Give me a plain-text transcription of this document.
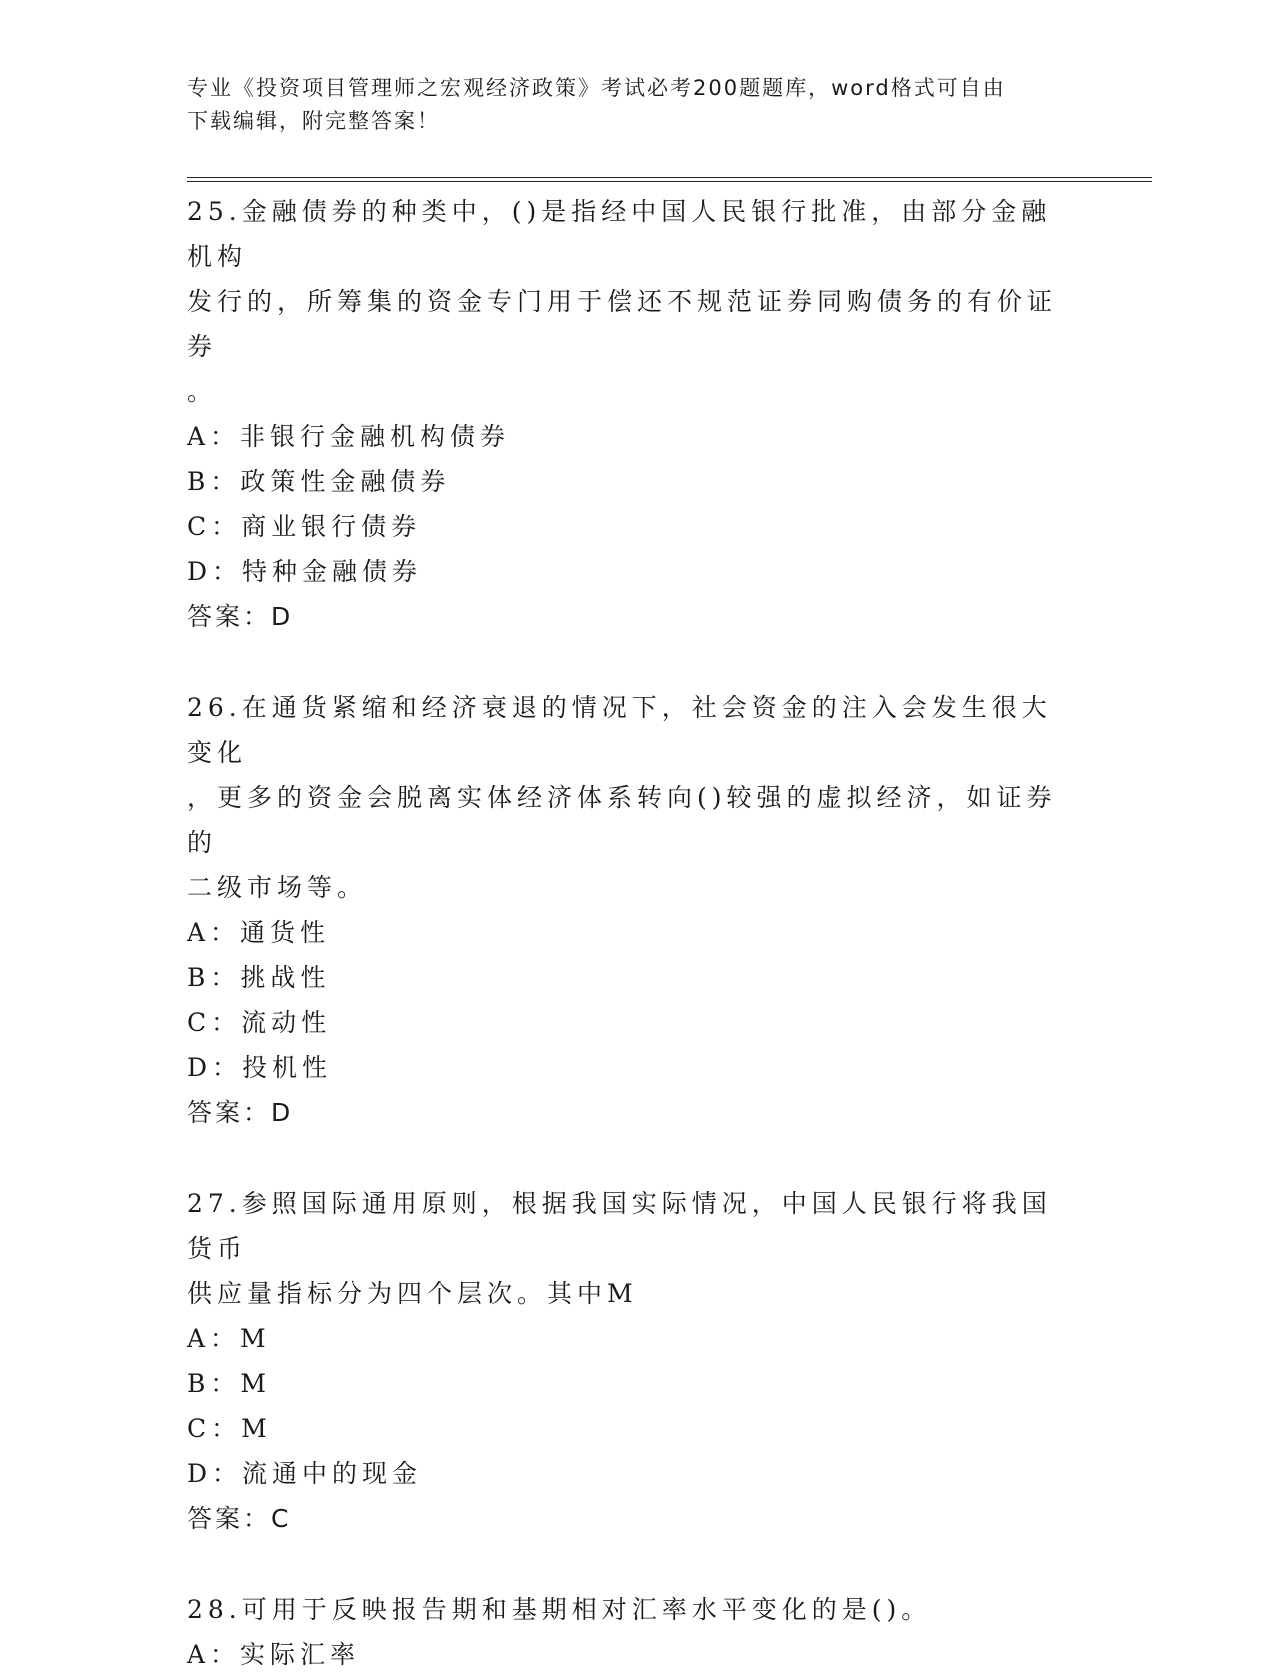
专业《投资项目管理师之宏观经济政策》考试必考200题题库，word格式可自由
下载编辑，附完整答案！

25.金融债券的种类中，()是指经中国人民银行批准，由部分金融机构

发行的，所筹集的资金专门用于偿还不规范证券同购债务的有价证券

。

A：非银行金融机构债券

B：政策性金融债券

C：商业银行债券

D：特种金融债券

答案：D

26.在通货紧缩和经济衰退的情况下，社会资金的注入会发生很大变化

，更多的资金会脱离实体经济体系转向()较强的虚拟经济，如证券的

二级市场等。

A：通货性

B：挑战性

C：流动性

D：投机性

答案：D

27.参照国际通用原则，根据我国实际情况，中国人民银行将我国货币

供应量指标分为四个层次。其中M

A：M

B：M

C：M

D：流通中的现金

答案：C

28.可用于反映报告期和基期相对汇率水平变化的是()。

A：实际汇率
